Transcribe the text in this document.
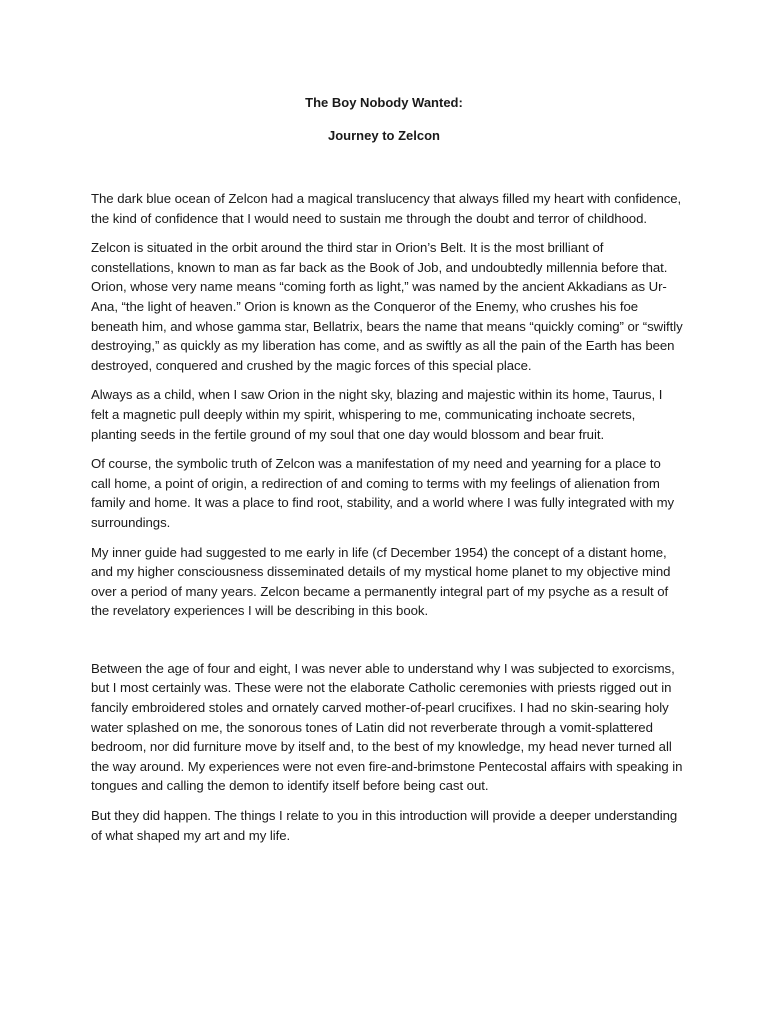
The Boy Nobody Wanted:
Journey to Zelcon

The dark blue ocean of Zelcon had a magical translucency that always filled my heart with confidence, the kind of confidence that I would need to sustain me through the doubt and terror of childhood.

Zelcon is situated in the orbit around the third star in Orion’s Belt. It is the most brilliant of constellations, known to man as far back as the Book of Job, and undoubtedly millennia before that. Orion, whose very name means “coming forth as light,” was named by the ancient Akkadians as Ur-Ana, “the light of heaven.” Orion is known as the Conqueror of the Enemy, who crushes his foe beneath him, and whose gamma star, Bellatrix, bears the name that means “quickly coming” or “swiftly destroying,” as quickly as my liberation has come, and as swiftly as all the pain of the Earth has been destroyed, conquered and crushed by the magic forces of this special place.

Always as a child, when I saw Orion in the night sky, blazing and majestic within its home, Taurus, I felt a magnetic pull deeply within my spirit, whispering to me, communicating inchoate secrets, planting seeds in the fertile ground of my soul that one day would blossom and bear fruit.

Of course, the symbolic truth of Zelcon was a manifestation of my need and yearning for a place to call home, a point of origin, a redirection of and coming to terms with my feelings of alienation from family and home. It was a place to find root, stability, and a world where I was fully integrated with my surroundings.

My inner guide had suggested to me early in life (cf December 1954) the concept of a distant home, and my higher consciousness disseminated details of my mystical home planet to my objective mind over a period of many years. Zelcon became a permanently integral part of my psyche as a result of the revelatory experiences I will be describing in this book.

Between the age of four and eight, I was never able to understand why I was subjected to exorcisms, but I most certainly was. These were not the elaborate Catholic ceremonies with priests rigged out in fancily embroidered stoles and ornately carved mother-of-pearl crucifixes. I had no skin-searing holy water splashed on me, the sonorous tones of Latin did not reverberate through a vomit-splattered bedroom, nor did furniture move by itself and, to the best of my knowledge, my head never turned all the way around. My experiences were not even fire-and-brimstone Pentecostal affairs with speaking in tongues and calling the demon to identify itself before being cast out.

But they did happen. The things I relate to you in this introduction will provide a deeper understanding of what shaped my art and my life.
